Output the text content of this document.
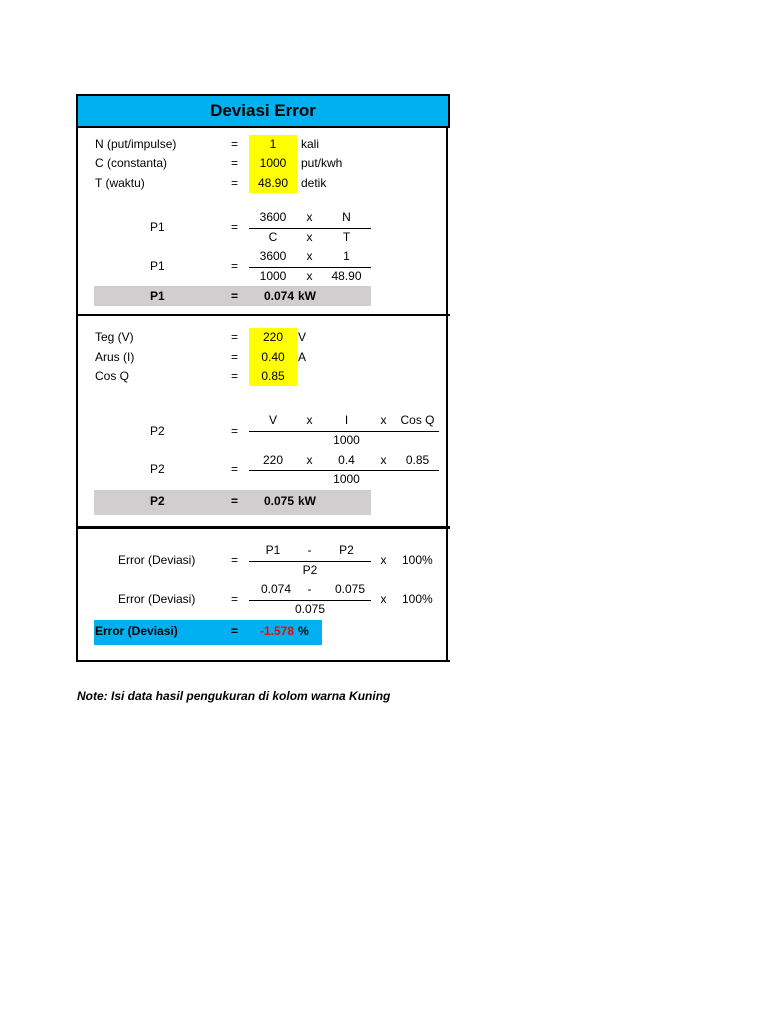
Deviasi Error
N (put/impulse)	=	1	kali
C (constanta)	=	1000	put/kwh
T (waktu)	=	48.90	detik
P1	=
3600	x	N
C	x	T
P1	=
3600	x	1
1000	x	48.90
P1	=	0.074 kW
Teg (V)	=	220	V
Arus (I)	=	0.40	A
Cos Q	=	0.85
P2	=
V	x	I	x	Cos Q
1000
P2	=
220	x	0.4	x	0.85
1000
P2	=	0.075 kW
Error (Deviasi)	=
P1	-	P2
P2
x	100%
Error (Deviasi)	=
0.074	-	0.075
0.075
x	100%
Error (Deviasi)	=	-1.578 %
Note: Isi data hasil pengukuran di kolom warna Kuning
